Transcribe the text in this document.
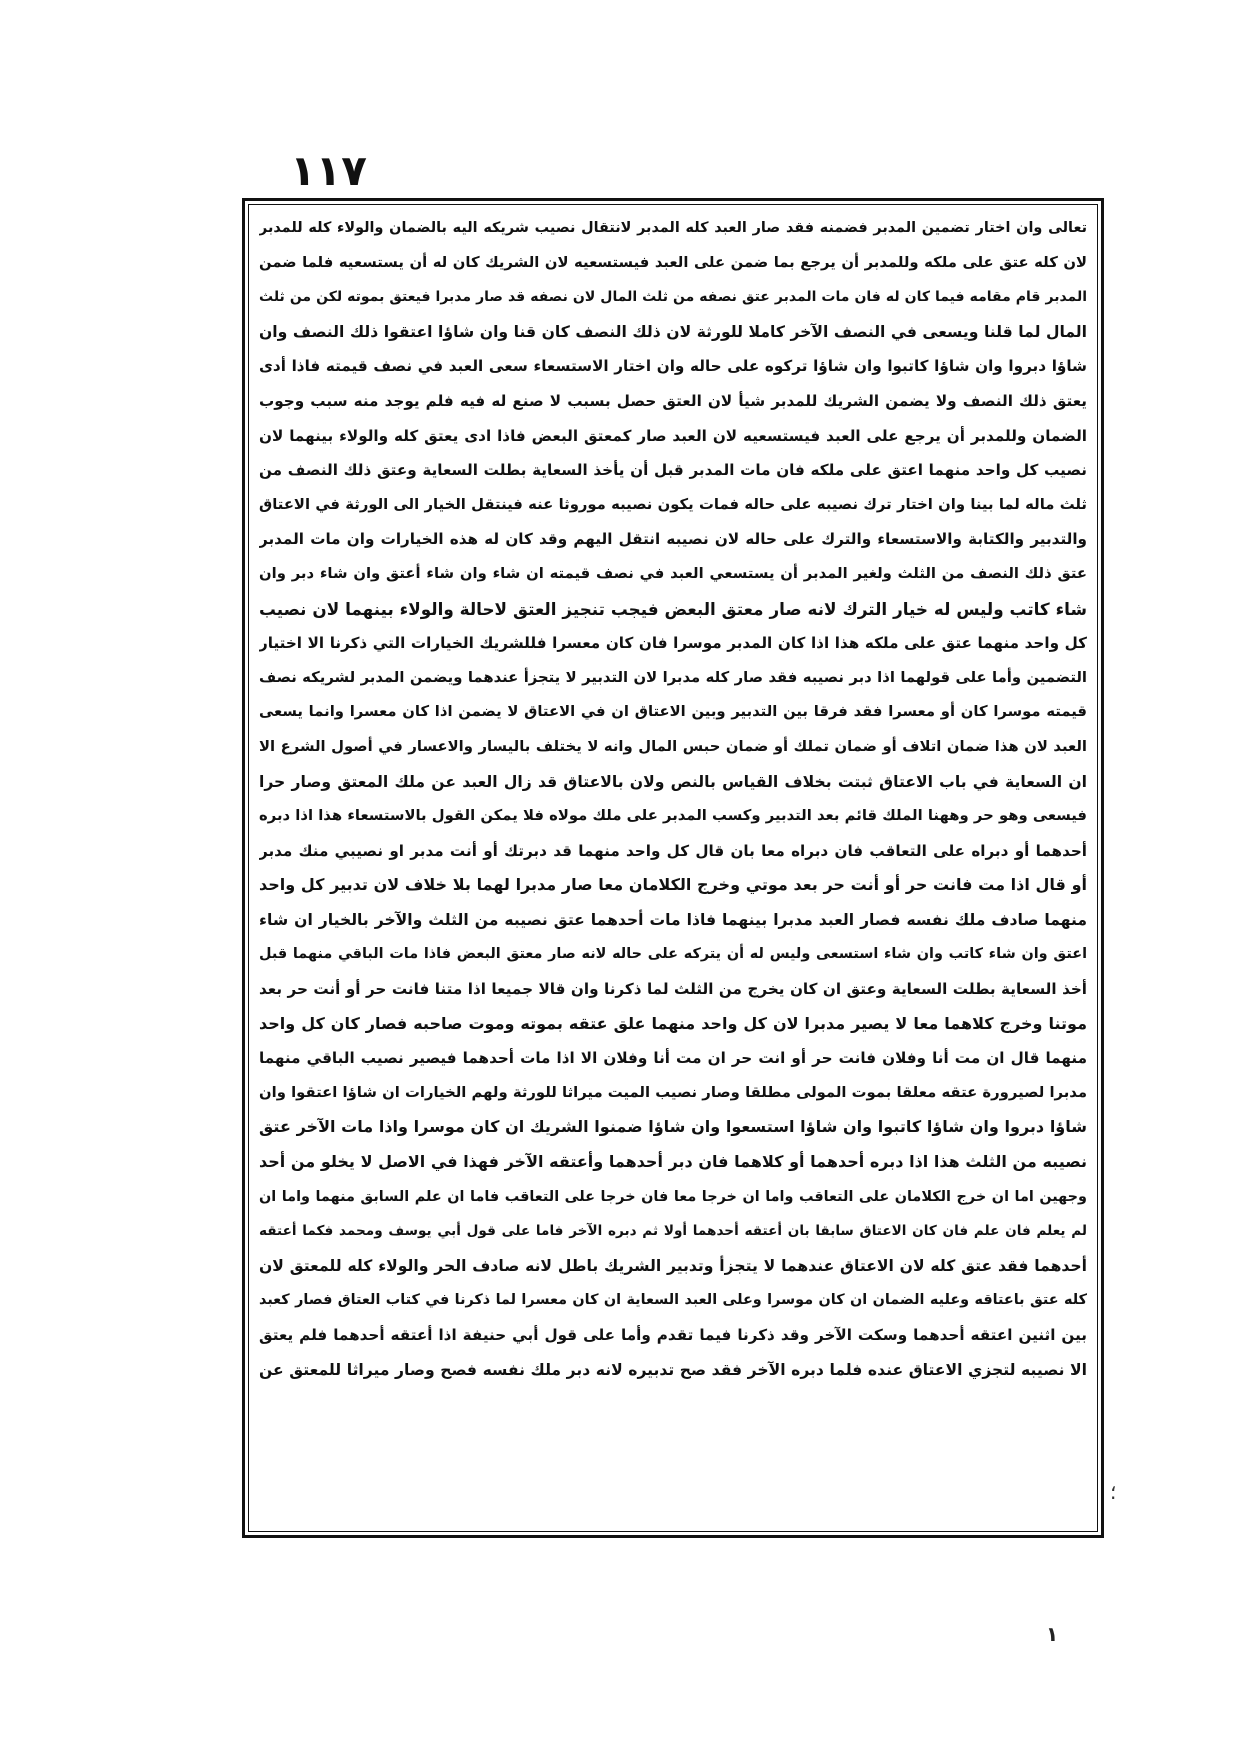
١١٧
تعالى وان اختار تضمين المدبر فضمنه فقد صار العبد كله المدبر لانتقال نصيب شريكه اليه بالضمان والولاء كله للمدبر
لان كله عتق على ملكه وللمدبر أن يرجع بما ضمن على العبد فيستسعيه لان الشريك كان له أن يستسعيه فلما ضمن
المدبر قام مقامه فيما كان له فان مات المدبر عتق نصفه من ثلث المال لان نصفه قد صار مدبرا فيعتق بموته لكن من ثلث
المال لما قلنا ويسعى في النصف الآخر كاملا للورثة لان ذلك النصف كان قنا وان شاؤا اعتقوا ذلك النصف وان
شاؤا دبروا وان شاؤا كاتبوا وان شاؤا تركوه على حاله وان اختار الاستسعاء سعى العبد في نصف قيمته فاذا أدى
يعتق ذلك النصف ولا يضمن الشريك للمدبر شيأ لان العتق حصل بسبب لا صنع له فيه فلم يوجد منه سبب وجوب
الضمان وللمدبر أن يرجع على العبد فيستسعيه لان العبد صار كمعتق البعض فاذا ادى يعتق كله والولاء بينهما لان
نصيب كل واحد منهما اعتق على ملكه فان مات المدبر قبل أن يأخذ السعاية بطلت السعاية وعتق ذلك النصف من
ثلث ماله لما بينا وان اختار ترك نصيبه على حاله فمات يكون نصيبه موروثا عنه فينتقل الخيار الى الورثة في الاعتاق
والتدبير والكتابة والاستسعاء والترك على حاله لان نصيبه انتقل اليهم وقد كان له هذه الخيارات وان مات المدبر
عتق ذلك النصف من الثلث ولغير المدبر أن يستسعي العبد في نصف قيمته ان شاء وان شاء أعتق وان شاء دبر وان
شاء كاتب وليس له خيار الترك لانه صار معتق البعض فيجب تنجيز العتق لاحالة والولاء بينهما لان نصيب
كل واحد منهما عتق على ملكه هذا اذا كان المدبر موسرا فان كان معسرا فللشريك الخيارات التي ذكرنا الا اختيار
التضمين وأما على قولهما اذا دبر نصيبه فقد صار كله مدبرا لان التدبير لا يتجزأ عندهما ويضمن المدبر لشريكه نصف
قيمته موسرا كان أو معسرا فقد فرقا بين التدبير وبين الاعتاق ان في الاعتاق لا يضمن اذا كان معسرا وانما يسعى
العبد لان هذا ضمان اتلاف أو ضمان تملك أو ضمان حبس المال وانه لا يختلف باليسار والاعسار في أصول الشرع الا
ان السعاية في باب الاعتاق ثبتت بخلاف القياس بالنص ولان بالاعتاق قد زال العبد عن ملك المعتق وصار حرا
فيسعى وهو حر وههنا الملك قائم بعد التدبير وكسب المدبر على ملك مولاه فلا يمكن القول بالاستسعاء هذا اذا دبره
أحدهما أو دبراه على التعاقب فان دبراه معا بان قال كل واحد منهما قد دبرتك أو أنت مدبر او نصيبي منك مدبر
أو قال اذا مت فانت حر أو أنت حر بعد موتي وخرج الكلامان معا صار مدبرا لهما بلا خلاف لان تدبير كل واحد
منهما صادف ملك نفسه فصار العبد مدبرا بينهما فاذا مات أحدهما عتق نصيبه من الثلث والآخر بالخيار ان شاء
اعتق وان شاء كاتب وان شاء استسعى وليس له أن يتركه على حاله لانه صار معتق البعض فاذا مات الباقي منهما قبل
أخذ السعاية بطلت السعاية وعتق ان كان يخرج من الثلث لما ذكرنا وان قالا جميعا اذا متنا فانت حر أو أنت حر بعد
موتنا وخرج كلاهما معا لا يصير مدبرا لان كل واحد منهما علق عتقه بموته وموت صاحبه فصار كان كل واحد
منهما قال ان مت أنا وفلان فانت حر أو انت حر ان مت أنا وفلان الا اذا مات أحدهما فيصير نصيب الباقي منهما
مدبرا لصيرورة عتقه معلقا بموت المولى مطلقا وصار نصيب الميت ميراثا للورثة ولهم الخيارات ان شاؤا اعتقوا وان
شاؤا دبروا وان شاؤا كاتبوا وان شاؤا استسعوا وان شاؤا ضمنوا الشريك ان كان موسرا واذا مات الآخر عتق
نصيبه من الثلث هذا اذا دبره أحدهما أو كلاهما فان دبر أحدهما وأعتقه الآخر فهذا في الاصل لا يخلو من أحد
وجهين اما ان خرج الكلامان على التعاقب واما ان خرجا معا فان خرجا على التعاقب فاما ان علم السابق منهما واما ان
لم يعلم فان علم فان كان الاعتاق سابقا بان أعتقه أحدهما أولا ثم دبره الآخر فاما على قول أبي يوسف ومحمد فكما أعتقه
أحدهما فقد عتق كله لان الاعتاق عندهما لا يتجزأ وتدبير الشريك باطل لانه صادف الحر والولاء كله للمعتق لان
كله عتق باعتاقه وعليه الضمان ان كان موسرا وعلى العبد السعاية ان كان معسرا لما ذكرنا في كتاب العتاق فصار كعبد
بين اثنين اعتقه أحدهما وسكت الآخر وقد ذكرنا فيما تقدم وأما على قول أبي حنيفة اذا أعتقه أحدهما فلم يعتق
الا نصيبه لتجزي الاعتاق عنده فلما دبره الآخر فقد صح تدبيره لانه دبر ملك نفسه فصح وصار ميراثا للمعتق عن
؛
١
